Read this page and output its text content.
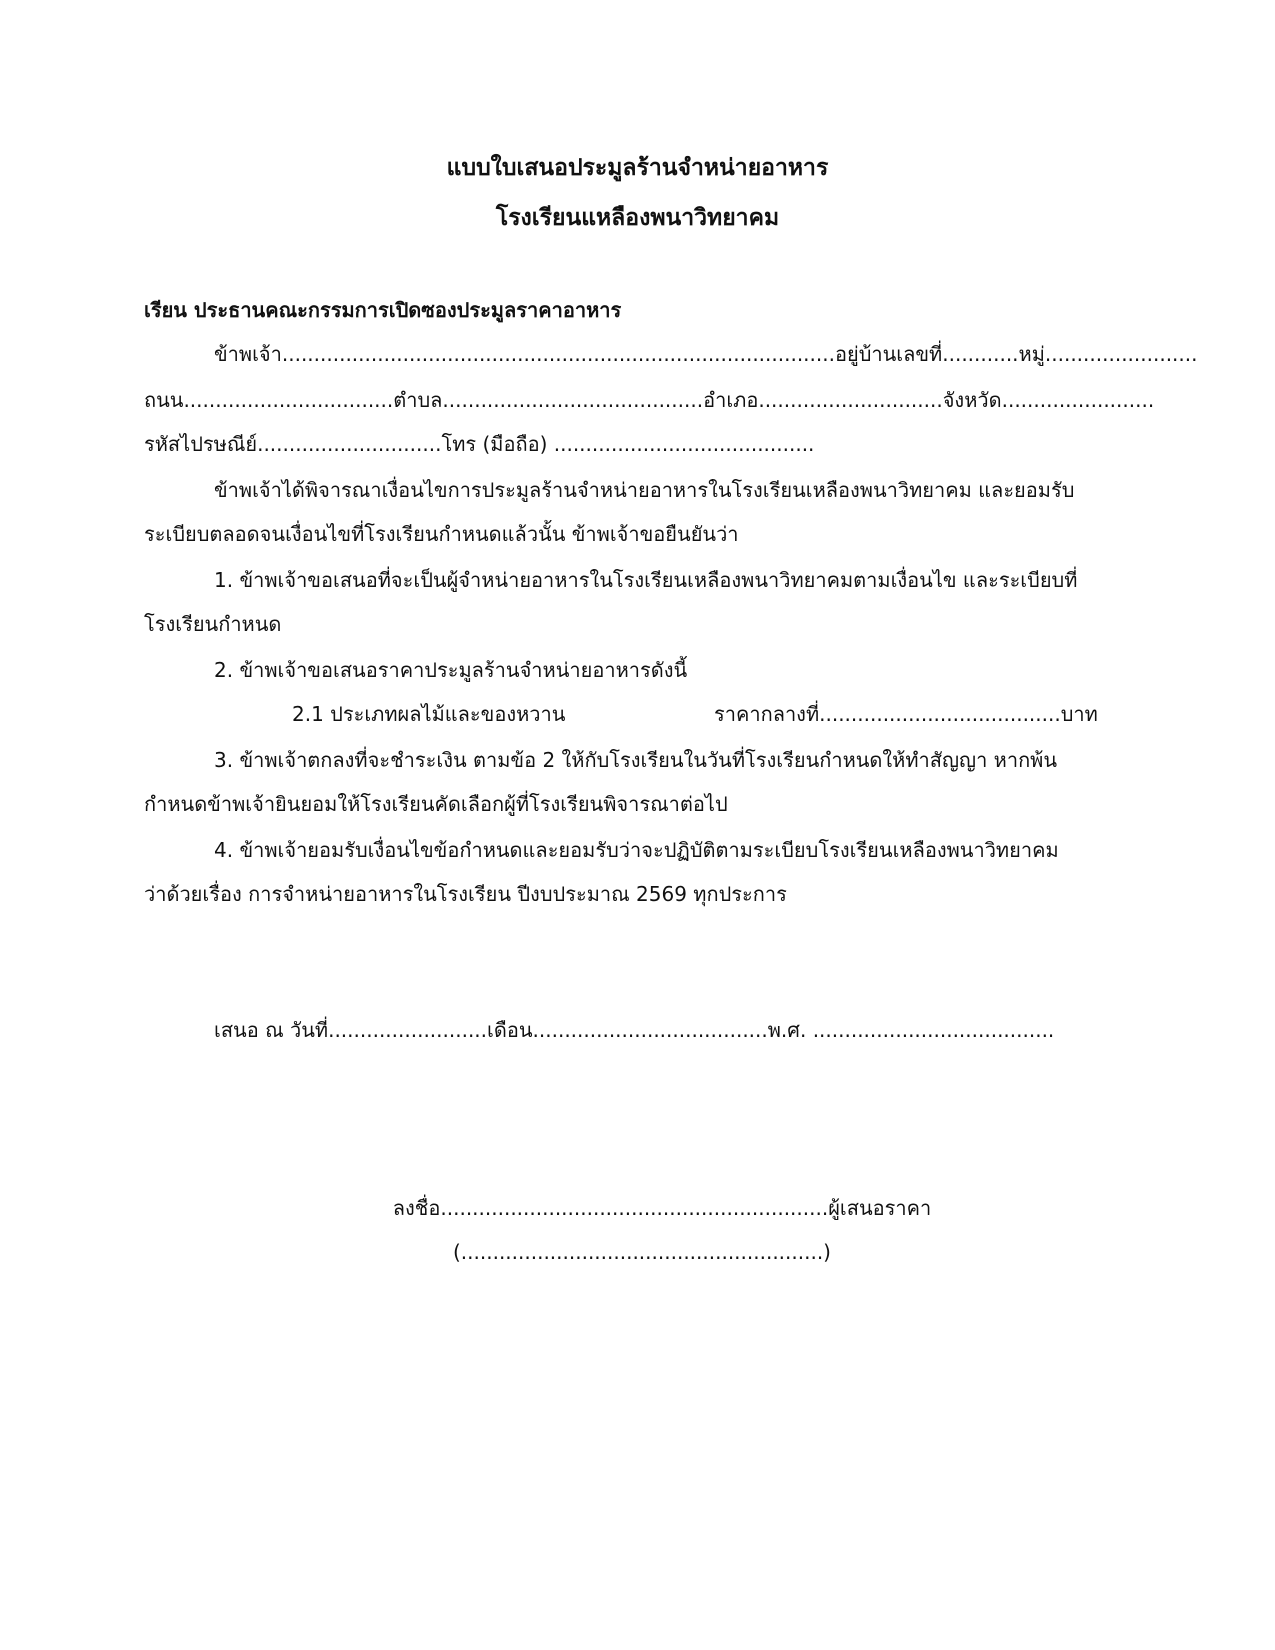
แบบใบเสนอประมูลร้านจำหน่ายอาหาร
โรงเรียนแหลืองพนาวิทยาคม
เรียน ประธานคณะกรรมการเปิดซองประมูลราคาอาหาร
ข้าพเจ้า.......................................................................................อยู่บ้านเลขที่............หมู่........................
ถนน.................................ตำบล.........................................อำเภอ.............................จังหวัด........................
รหัสไปรษณีย์.............................โทร (มือถือ) .........................................
ข้าพเจ้าได้พิจารณาเงื่อนไขการประมูลร้านจำหน่ายอาหารในโรงเรียนเหลืองพนาวิทยาคม และยอมรับ
ระเบียบตลอดจนเงื่อนไขที่โรงเรียนกำหนดแล้วนั้น ข้าพเจ้าขอยืนยันว่า
1. ข้าพเจ้าขอเสนอที่จะเป็นผู้จำหน่ายอาหารในโรงเรียนเหลืองพนาวิทยาคมตามเงื่อนไข และระเบียบที่
โรงเรียนกำหนด
2. ข้าพเจ้าขอเสนอราคาประมูลร้านจำหน่ายอาหารดังนี้
2.1 ประเภทผลไม้และของหวาน	ราคากลางที่......................................บาท
3. ข้าพเจ้าตกลงที่จะชำระเงิน ตามข้อ 2 ให้กับโรงเรียนในวันที่โรงเรียนกำหนดให้ทำสัญญา หากพ้น
กำหนดข้าพเจ้ายินยอมให้โรงเรียนคัดเลือกผู้ที่โรงเรียนพิจารณาต่อไป
4. ข้าพเจ้ายอมรับเงื่อนไขข้อกำหนดและยอมรับว่าจะปฏิบัติตามระเบียบโรงเรียนเหลืองพนาวิทยาคม
ว่าด้วยเรื่อง การจำหน่ายอาหารในโรงเรียน ปีงบประมาณ 2569 ทุกประการ
เสนอ ณ วันที่.........................เดือน.....................................พ.ศ. ......................................
ลงชื่อ.............................................................ผู้เสนอราคา
(.........................................................)
